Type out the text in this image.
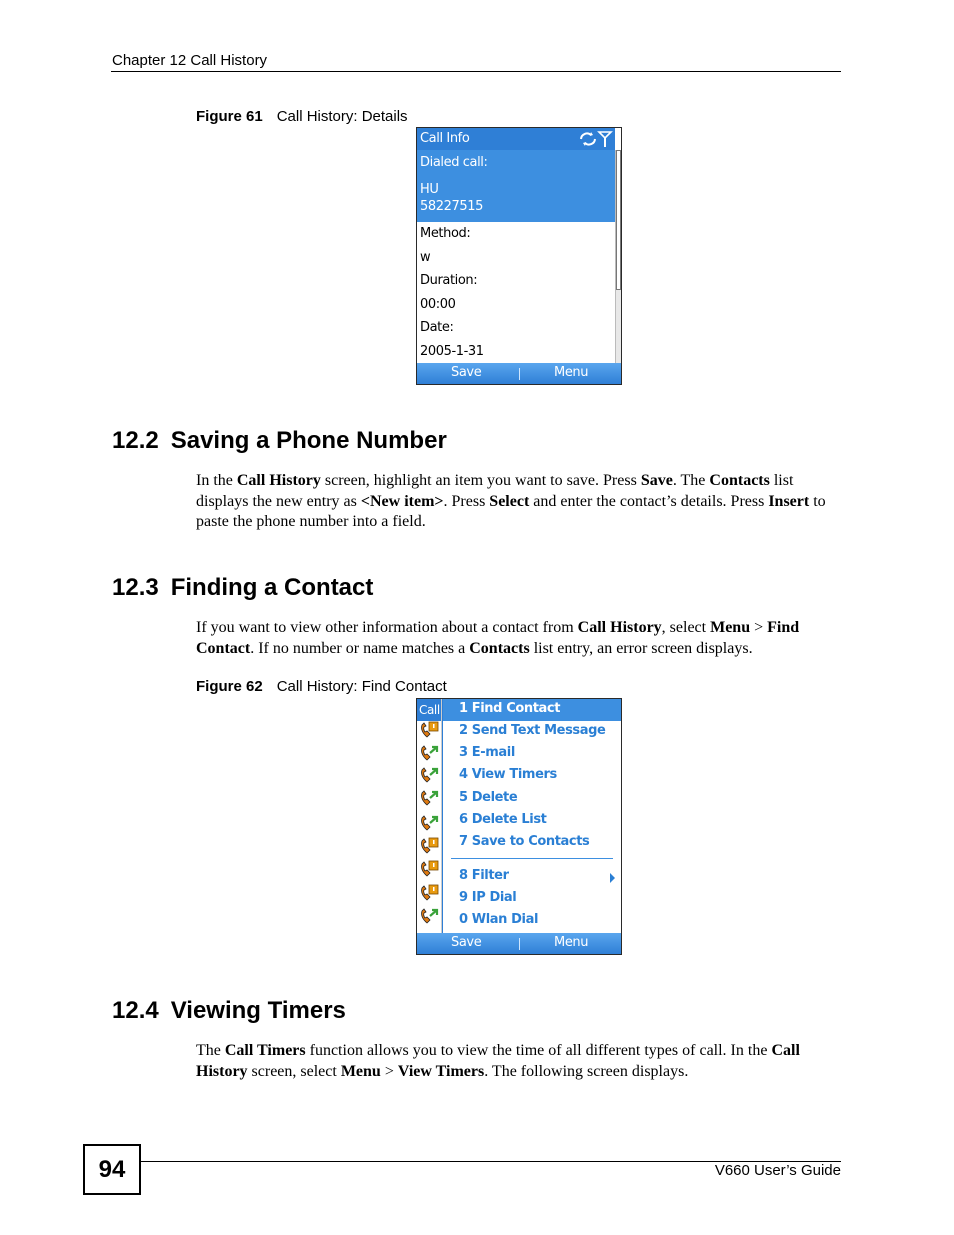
Chapter 12 Call History
Figure 61 Call History: Details
Call Info
Dialed call:
HU
58227515
Method:
w
Duration:
00:00
Date:
2005-1-31
Save	Menu
12.2 Saving a Phone Number
In the Call History screen, highlight an item you want to save. Press Save. The Contacts list displays the new entry as <New item>. Press Select and enter the contact’s details. Press Insert to paste the phone number into a field.
12.3 Finding a Contact
If you want to view other information about a contact from Call History, select Menu > Find Contact. If no number or name matches a Contacts list entry, an error screen displays.
Figure 62 Call History: Find Contact
Call 1 Find Contact
2 Send Text Message
3 E-mail
4 View Timers
5 Delete
6 Delete List
7 Save to Contacts
8 Filter
9 IP Dial
0 Wlan Dial
Save	Menu
12.4 Viewing Timers
The Call Timers function allows you to view the time of all different types of call. In the Call History screen, select Menu > View Timers. The following screen displays.
94	V660 User’s Guide
